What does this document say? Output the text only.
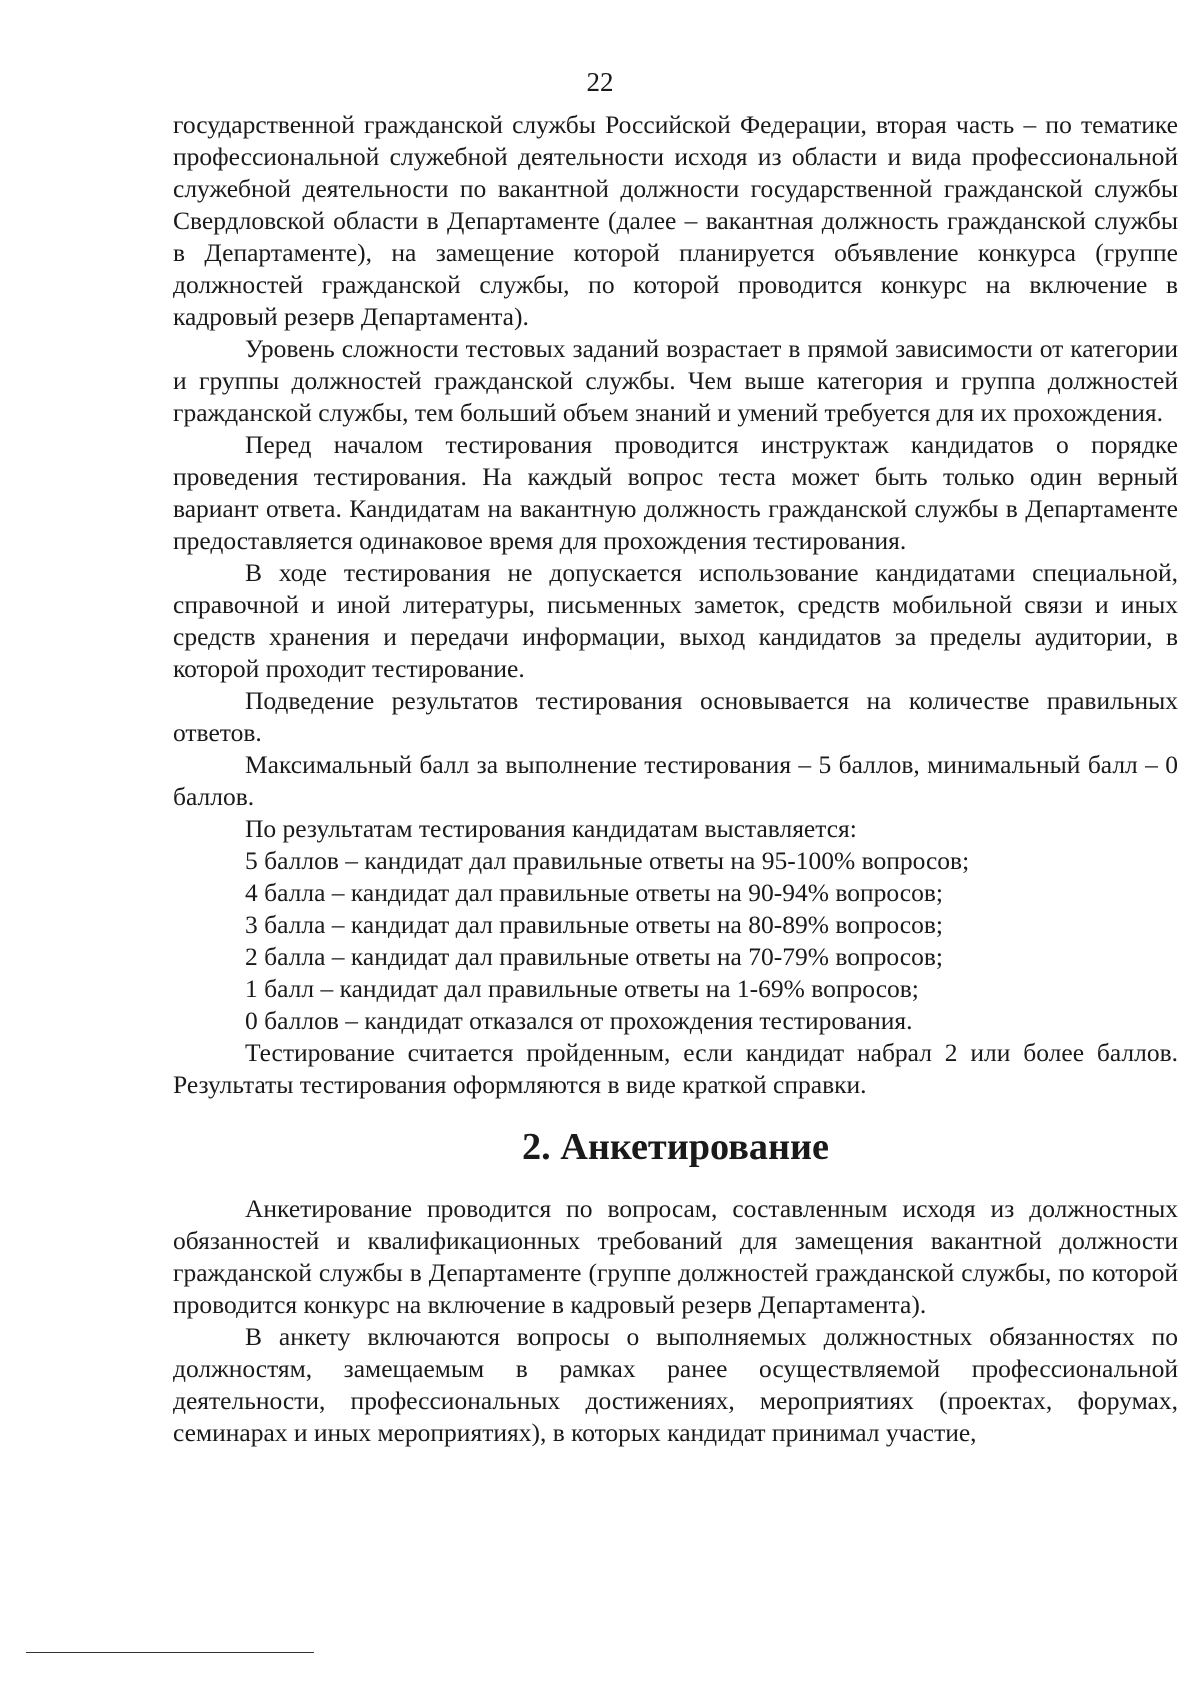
22

государственной гражданской службы Российской Федерации, вторая часть – по тематике профессиональной служебной деятельности исходя из области и вида профессиональной служебной деятельности по вакантной должности государственной гражданской службы Свердловской области в Департаменте (далее – вакантная должность гражданской службы в Департаменте), на замещение которой планируется объявление конкурса (группе должностей гражданской службы, по которой проводится конкурс на включение в кадровый резерв Департамента).

Уровень сложности тестовых заданий возрастает в прямой зависимости от категории и группы должностей гражданской службы. Чем выше категория и группа должностей гражданской службы, тем больший объем знаний и умений требуется для их прохождения.

Перед началом тестирования проводится инструктаж кандидатов о порядке проведения тестирования. На каждый вопрос теста может быть только один верный вариант ответа. Кандидатам на вакантную должность гражданской службы в Департаменте предоставляется одинаковое время для прохождения тестирования.

В ходе тестирования не допускается использование кандидатами специальной, справочной и иной литературы, письменных заметок, средств мобильной связи и иных средств хранения и передачи информации, выход кандидатов за пределы аудитории, в которой проходит тестирование.

Подведение результатов тестирования основывается на количестве правильных ответов.

Максимальный балл за выполнение тестирования – 5 баллов, минимальный балл – 0 баллов.

По результатам тестирования кандидатам выставляется:

5 баллов – кандидат дал правильные ответы на 95-100% вопросов;

4 балла – кандидат дал правильные ответы на 90-94% вопросов;

3 балла – кандидат дал правильные ответы на 80-89% вопросов;

2 балла – кандидат дал правильные ответы на 70-79% вопросов;

1 балл – кандидат дал правильные ответы на 1-69% вопросов;

0 баллов – кандидат отказался от прохождения тестирования.

Тестирование считается пройденным, если кандидат набрал 2 или более баллов. Результаты тестирования оформляются в виде краткой справки.

2. Анкетирование

Анкетирование проводится по вопросам, составленным исходя из должностных обязанностей и квалификационных требований для замещения вакантной должности гражданской службы в Департаменте (группе должностей гражданской службы, по которой проводится конкурс на включение в кадровый резерв Департамента).

В анкету включаются вопросы о выполняемых должностных обязанностях по должностям, замещаемым в рамках ранее осуществляемой профессиональной деятельности, профессиональных достижениях, мероприятиях (проектах, форумах, семинарах и иных мероприятиях), в которых кандидат принимал участие,
